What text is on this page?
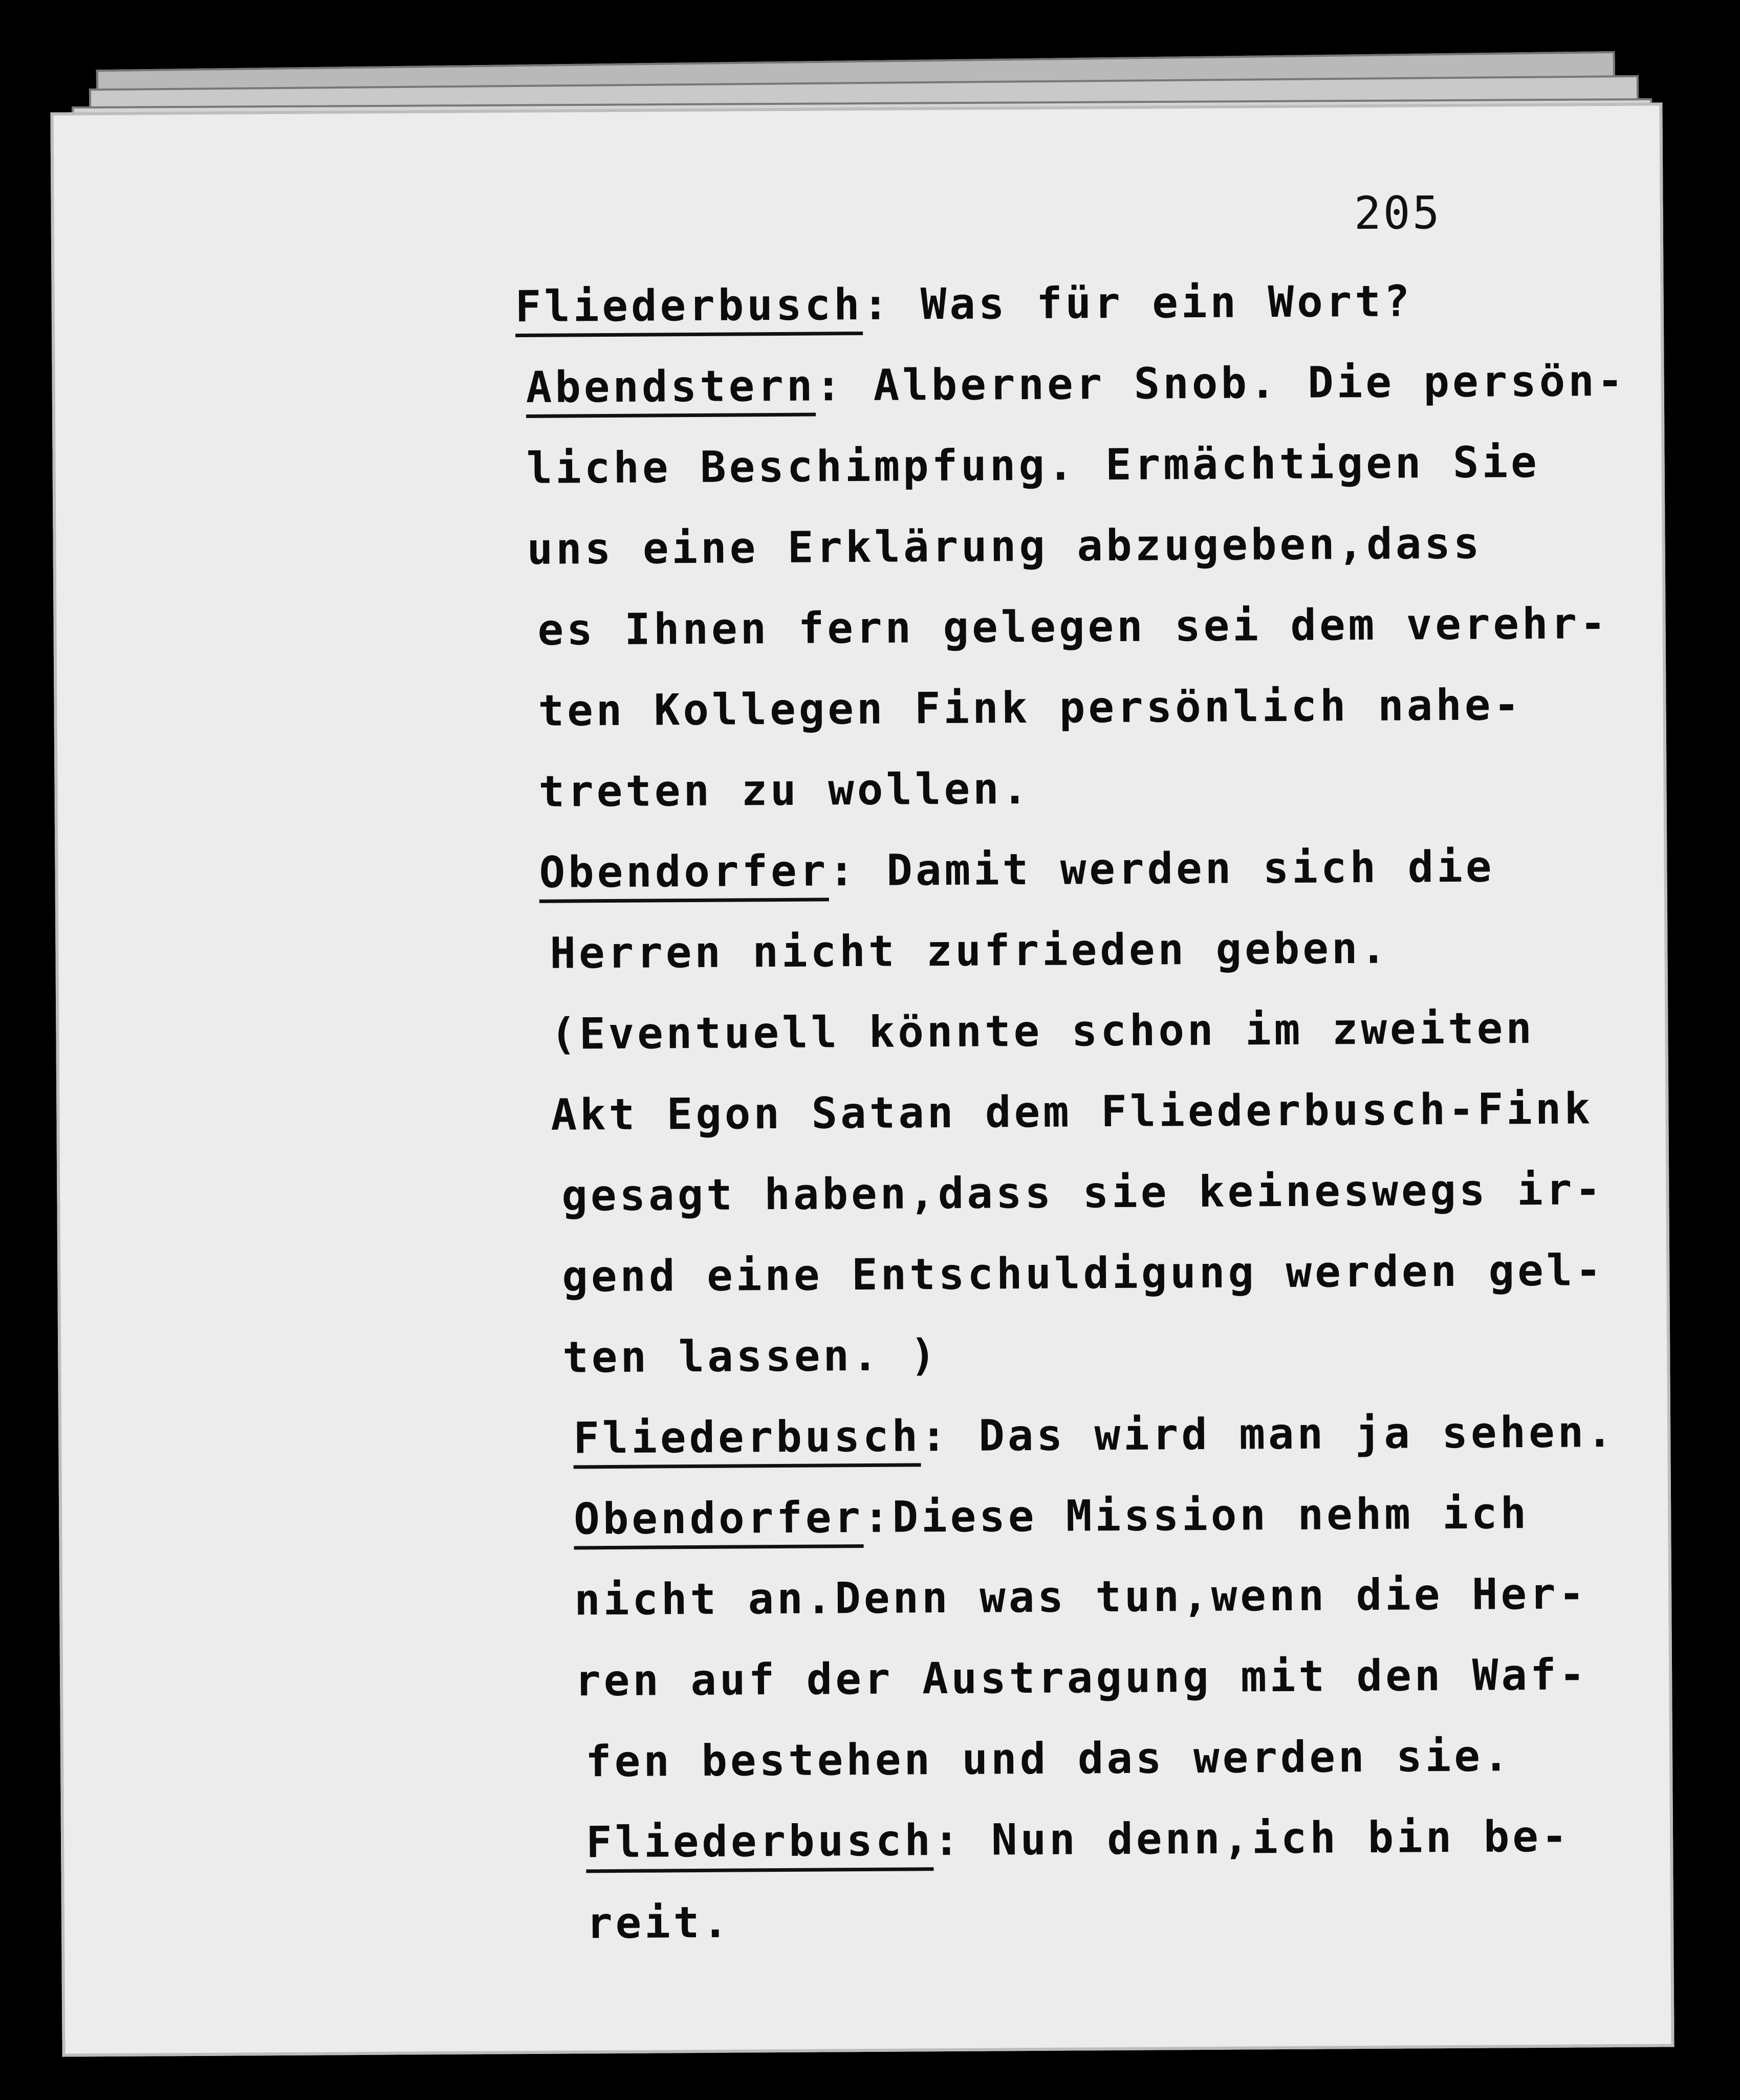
205
Fliederbusch: Was für ein Wort?
Abendstern: Alberner Snob. Die persön-
liche Beschimpfung. Ermächtigen Sie
uns eine Erklärung abzugeben,dass
es Ihnen fern gelegen sei dem verehr-
ten Kollegen Fink persönlich nahe-
treten zu wollen.
Obendorfer: Damit werden sich die
Herren nicht zufrieden geben.
(Eventuell könnte schon im zweiten
Akt Egon Satan dem Fliederbusch-Fink
gesagt haben,dass sie keineswegs ir-
gend eine Entschuldigung werden gel-
ten lassen. )
Fliederbusch: Das wird man ja sehen.
Obendorfer:Diese Mission nehm ich
nicht an.Denn was tun,wenn die Her-
ren auf der Austragung mit den Waf-
fen bestehen und das werden sie.
Fliederbusch: Nun denn,ich bin be-
reit.
